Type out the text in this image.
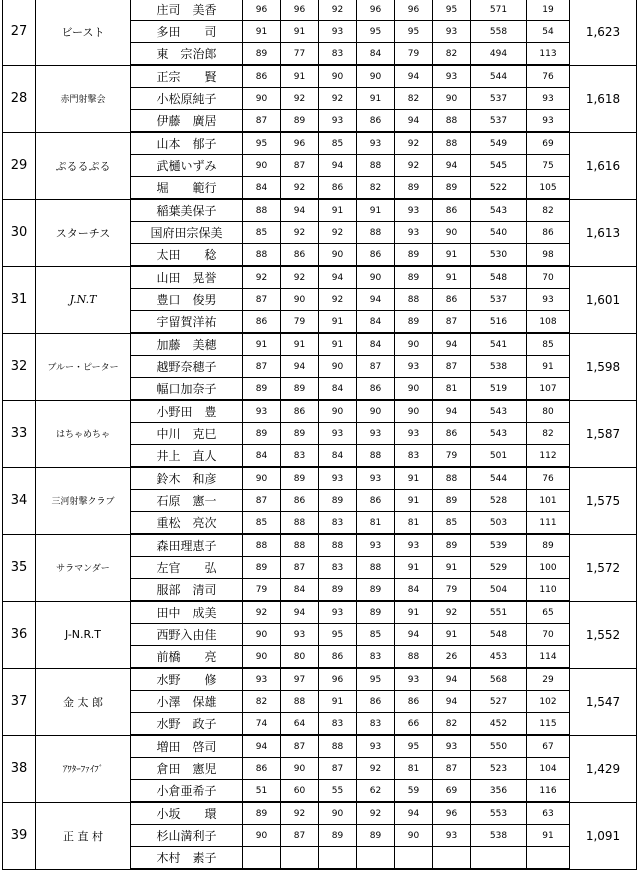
27	ビースト	庄司　美香	96	96	92	96	96	95	571	19	1,623
		多田　　司	91	91	93	95	95	93	558	54	
		東　宗治郎	89	77	83	84	79	82	494	113	
28	赤門射撃会	正宗　　賢	86	91	90	90	94	93	544	76	1,618
		小松原純子	90	92	92	91	82	90	537	93	
		伊藤　廣居	87	89	93	86	94	88	537	93	
29	ぷるるぷる	山本　郁子	95	96	85	93	92	88	549	69	1,616
		武樋いずみ	90	87	94	88	92	94	545	75	
		堀　　範行	84	92	86	82	89	89	522	105	
30	スターチス	稲葉美保子	88	94	91	91	93	86	543	82	1,613
		国府田宗保美	85	92	92	88	93	90	540	86	
		太田　　稔	88	86	90	86	89	91	530	98	
31	J.N.T	山田　晃誉	92	92	94	90	89	91	548	70	1,601
		豊口　俊男	87	90	92	94	88	86	537	93	
		宇留賀洋祐	86	79	91	84	89	87	516	108	
32	ブルー・ピーター	加藤　美穂	91	91	91	84	90	94	541	85	1,598
		越野奈穂子	87	94	90	87	93	87	538	91	
		幅口加奈子	89	89	84	86	90	81	519	107	
33	はちゃめちゃ	小野田　豊	93	86	90	90	90	94	543	80	1,587
		中川　克巳	89	89	93	93	93	86	543	82	
		井上　直人	84	83	84	88	83	79	501	112	
34	三河射撃クラブ	鈴木　和彦	90	89	93	93	91	88	544	76	1,575
		石原　憲一	87	86	89	86	91	89	528	101	
		重松　亮次	85	88	83	81	81	85	503	111	
35	サラマンダー	森田理恵子	88	88	88	93	93	89	539	89	1,572
		左官　　弘	89	87	83	88	91	91	529	100	
		服部　清司	79	84	89	89	84	79	504	110	
36	J-N.R.T	田中　成美	92	94	93	89	91	92	551	65	1,552
		西野入由佳	90	93	95	85	94	91	548	70	
		前橋　　亮	90	80	86	83	88	26	453	114	
37	金 太 郎	水野　　修	93	97	96	95	93	94	568	29	1,547
		小澤　保雄	82	88	91	86	86	94	527	102	
		水野　政子	74	64	83	83	66	82	452	115	
38	ｱﾜﾀｰﾌｧｲﾌﾞ	増田　啓司	94	87	88	93	95	93	550	67	1,429
		倉田　憲児	86	90	87	92	81	87	523	104	
		小倉亜希子	51	60	55	62	59	69	356	116	
39	正 直 村	小坂　　環	89	92	90	92	94	96	553	63	1,091
		杉山満利子	90	87	89	89	90	93	538	91	
		木村　素子									
